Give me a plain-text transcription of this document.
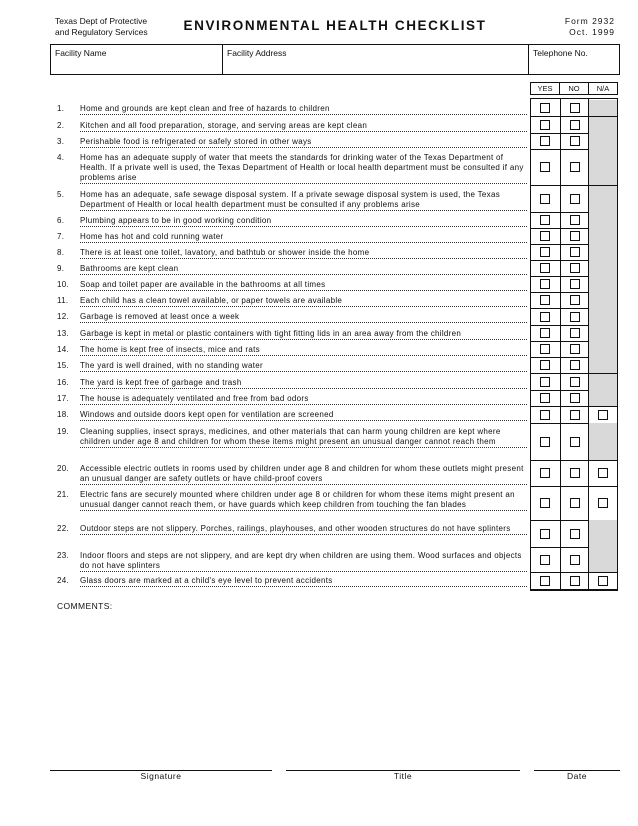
Texas Dept of Protective
and Regulatory Services	ENVIRONMENTAL HEALTH CHECKLIST	Form 2932
Oct. 1999
Facility Name	Facility Address	Telephone No.
YES	NO	N/A
1.	Home and grounds are kept clean and free of hazards to children
2.	Kitchen and all food preparation, storage, and serving areas are kept clean
3.	Perishable food is refrigerated or safely stored in other ways
4.	Home has an adequate supply of water that meets the standards for drinking water of the Texas Department of Health. If a private well is used, the Texas Department of Health or local health department must be consulted if any problems arise
5.	Home has an adequate, safe sewage disposal system. If a private sewage disposal system is used, the Texas Department of Health or local health department must be consulted if any problems arise
6.	Plumbing appears to be in good working condition
7.	Home has hot and cold running water
8.	There is at least one toilet, lavatory, and bathtub or shower inside the home
9.	Bathrooms are kept clean
10.	Soap and toilet paper are available in the bathrooms at all times
11.	Each child has a clean towel available, or paper towels are available
12.	Garbage is removed at least once a week
13.	Garbage is kept in metal or plastic containers with tight fitting lids in an area away from the children
14.	The home is kept free of insects, mice and rats
15.	The yard is well drained, with no standing water
16.	The yard is kept free of garbage and trash
17.	The house is adequately ventilated and free from bad odors
18.	Windows and outside doors kept open for ventilation are screened
19.	Cleaning supplies, insect sprays, medicines, and other materials that can harm young children are kept where children under age 8 and children for whom these items might present an unusual danger cannot reach them
20.	Accessible electric outlets in rooms used by children under age 8 and children for whom these outlets might present an unusual danger are safety outlets or have child-proof covers
21.	Electric fans are securely mounted where children under age 8 or children for whom these items might present an unusual danger cannot reach them, or have guards which keep children from touching the fan blades
22.	Outdoor steps are not slippery. Porches, railings, playhouses, and other wooden structures do not have splinters
23.	Indoor floors and steps are not slippery, and are kept dry when children are using them. Wood surfaces and objects do not have splinters
24.	Glass doors are marked at a child's eye level to prevent accidents
COMMENTS:
Signature	Title	Date
